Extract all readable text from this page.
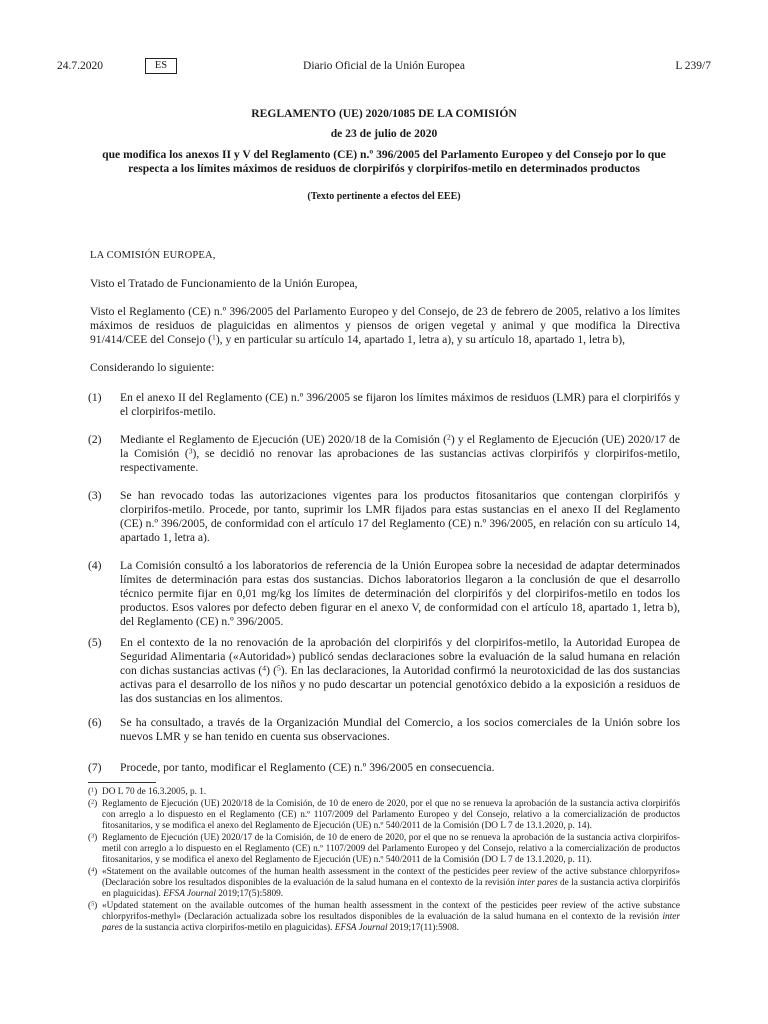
24.7.2020	ES	Diario Oficial de la Unión Europea	L 239/7

REGLAMENTO (UE) 2020/1085 DE LA COMISIÓN

de 23 de julio de 2020

que modifica los anexos II y V del Reglamento (CE) n.º 396/2005 del Parlamento Europeo y del Consejo por lo que respecta a los límites máximos de residuos de clorpirifós y clorpirifos-metilo en determinados productos

(Texto pertinente a efectos del EEE)

LA COMISIÓN EUROPEA,
Visto el Tratado de Funcionamiento de la Unión Europea,
Visto el Reglamento (CE) n.º 396/2005 del Parlamento Europeo y del Consejo, de 23 de febrero de 2005, relativo a los límites máximos de residuos de plaguicidas en alimentos y piensos de origen vegetal y animal y que modifica la Directiva 91/414/CEE del Consejo ($^1$), y en particular su artículo 14, apartado 1, letra a), y su artículo 18, apartado 1, letra b),
Considerando lo siguiente:
(1)	En el anexo II del Reglamento (CE) n.º 396/2005 se fijaron los límites máximos de residuos (LMR) para el clorpirifós y el clorpirifos-metilo.
(2)	Mediante el Reglamento de Ejecución (UE) 2020/18 de la Comisión ($^2$) y el Reglamento de Ejecución (UE) 2020/17 de la Comisión ($^3$), se decidió no renovar las aprobaciones de las sustancias activas clorpirifós y clorpirifos-metilo, respectivamente.
(3)	Se han revocado todas las autorizaciones vigentes para los productos fitosanitarios que contengan clorpirifós y clorpirifos-metilo. Procede, por tanto, suprimir los LMR fijados para estas sustancias en el anexo II del Reglamento (CE) n.º 396/2005, de conformidad con el artículo 17 del Reglamento (CE) n.º 396/2005, en relación con su artículo 14, apartado 1, letra a).
(4)	La Comisión consultó a los laboratorios de referencia de la Unión Europea sobre la necesidad de adaptar determinados límites de determinación para estas dos sustancias. Dichos laboratorios llegaron a la conclusión de que el desarrollo técnico permite fijar en 0,01 mg/kg los límites de determinación del clorpirifós y del clorpirifos-metilo en todos los productos. Esos valores por defecto deben figurar en el anexo V, de conformidad con el artículo 18, apartado 1, letra b), del Reglamento (CE) n.º 396/2005.
(5)	En el contexto de la no renovación de la aprobación del clorpirifós y del clorpirifos-metilo, la Autoridad Europea de Seguridad Alimentaria («Autoridad») publicó sendas declaraciones sobre la evaluación de la salud humana en relación con dichas sustancias activas ($^4$) ($^5$). En las declaraciones, la Autoridad confirmó la neurotoxicidad de las dos sustancias activas para el desarrollo de los niños y no pudo descartar un potencial genotóxico debido a la exposición a residuos de las dos sustancias en los alimentos.
(6)	Se ha consultado, a través de la Organización Mundial del Comercio, a los socios comerciales de la Unión sobre los nuevos LMR y se han tenido en cuenta sus observaciones.
(7)	Procede, por tanto, modificar el Reglamento (CE) n.º 396/2005 en consecuencia.
($^1$) DO L 70 de 16.3.2005, p. 1.
($^2$) Reglamento de Ejecución (UE) 2020/18 de la Comisión, de 10 de enero de 2020, por el que no se renueva la aprobación de la sustancia activa clorpirifós con arreglo a lo dispuesto en el Reglamento (CE) n.º 1107/2009 del Parlamento Europeo y del Consejo, relativo a la comercialización de productos fitosanitarios, y se modifica el anexo del Reglamento de Ejecución (UE) n.º 540/2011 de la Comisión (DO L 7 de 13.1.2020, p. 14).
($^3$) Reglamento de Ejecución (UE) 2020/17 de la Comisión, de 10 de enero de 2020, por el que no se renueva la aprobación de la sustancia activa clorpirifos-metil con arreglo a lo dispuesto en el Reglamento (CE) n.º 1107/2009 del Parlamento Europeo y del Consejo, relativo a la comercialización de productos fitosanitarios, y se modifica el anexo del Reglamento de Ejecución (UE) n.º 540/2011 de la Comisión (DO L 7 de 13.1.2020, p. 11).
($^4$) «Statement on the available outcomes of the human health assessment in the context of the pesticides peer review of the active substance chlorpyrifos» (Declaración sobre los resultados disponibles de la evaluación de la salud humana en el contexto de la revisión inter pares de la sustancia activa clorpirifós en plaguicidas). EFSA Journal 2019;17(5):5809.
($^5$) «Updated statement on the available outcomes of the human health assessment in the context of the pesticides peer review of the active substance chlorpyrifos-methyl» (Declaración actualizada sobre los resultados disponibles de la evaluación de la salud humana en el contexto de la revisión inter pares de la sustancia activa clorpirifos-metilo en plaguicidas). EFSA Journal 2019;17(11):5908.
